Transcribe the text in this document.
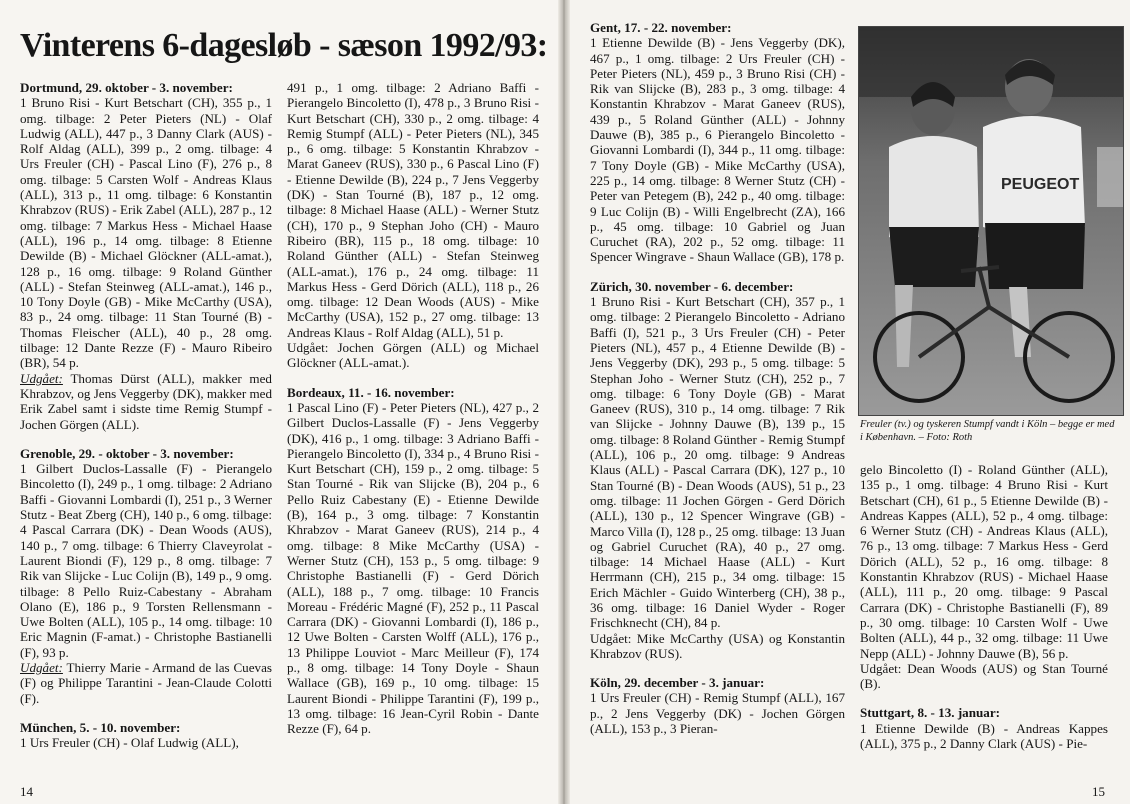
Vinterens 6-dagesløb - sæson 1992/93:
Dortmund, 29. oktober - 3. november:
1 Bruno Risi - Kurt Betschart (CH), 355 p., 1 omg. tilbage: 2 Peter Pieters (NL) - Olaf Ludwig (ALL), 447 p., 3 Danny Clark (AUS) - Rolf Aldag (ALL), 399 p., 2 omg. tilbage: 4 Urs Freuler (CH) - Pascal Lino (F), 276 p., 8 omg. tilbage: 5 Carsten Wolf - Andreas Klaus (ALL), 313 p., 11 omg. tilbage: 6 Konstantin Khrabzov (RUS) - Erik Zabel (ALL), 287 p., 12 omg. tilbage: 7 Markus Hess - Michael Haase (ALL), 196 p., 14 omg. tilbage: 8 Etienne Dewilde (B) - Michael Glöckner (ALL-amat.), 128 p., 16 omg. tilbage: 9 Roland Günther (ALL) - Stefan Steinweg (ALL-amat.), 146 p., 10 Tony Doyle (GB) - Mike McCarthy (USA), 83 p., 24 omg. tilbage: 11 Stan Tourné (B) - Thomas Fleischer (ALL), 40 p., 28 omg. tilbage: 12 Dante Rezze (F) - Mauro Ribeiro (BR), 54 p.
Udgået: Thomas Dürst (ALL), makker med Khrabzov, og Jens Veggerby (DK), makker med Erik Zabel samt i sidste time Remig Stumpf - Jochen Görgen (ALL).
Grenoble, 29. - oktober - 3. november:
1 Gilbert Duclos-Lassalle (F) - Pierangelo Bincoletto (I), 249 p., 1 omg. tilbage: 2 Adriano Baffi - Giovanni Lombardi (I), 251 p., 3 Werner Stutz - Beat Zberg (CH), 140 p., 6 omg. tilbage: 4 Pascal Carrara (DK) - Dean Woods (AUS), 140 p., 7 omg. tilbage: 6 Thierry Claveyrolat - Laurent Biondi (F), 129 p., 8 omg. tilbage: 7 Rik van Slijcke - Luc Colijn (B), 149 p., 9 omg. tilbage: 8 Pello Ruiz-Cabestany - Abraham Olano (E), 186 p., 9 Torsten Rellensmann - Uwe Bolten (ALL), 105 p., 14 omg. tilbage: 10 Eric Magnin (F-amat.) - Christophe Bastianelli (F), 93 p.
Udgået: Thierry Marie - Armand de las Cuevas (F) og Philippe Tarantini - Jean-Claude Colotti (F).
München, 5. - 10. november:
1 Urs Freuler (CH) - Olaf Ludwig (ALL),
491 p., 1 omg. tilbage: 2 Adriano Baffi - Pierangelo Bincoletto (I), 478 p., 3 Bruno Risi - Kurt Betschart (CH), 330 p., 2 omg. tilbage: 4 Remig Stumpf (ALL) - Peter Pieters (NL), 345 p., 6 omg. tilbage: 5 Konstantin Khrabzov - Marat Ganeev (RUS), 330 p., 6 Pascal Lino (F) - Etienne Dewilde (B), 224 p., 7 Jens Veggerby (DK) - Stan Tourné (B), 187 p., 12 omg. tilbage: 8 Michael Haase (ALL) - Werner Stutz (CH), 170 p., 9 Stephan Joho (CH) - Mauro Ribeiro (BR), 115 p., 18 omg. tilbage: 10 Roland Günther (ALL) - Stefan Steinweg (ALL-amat.), 176 p., 24 omg. tilbage: 11 Markus Hess - Gerd Dörich (ALL), 118 p., 26 omg. tilbage: 12 Dean Woods (AUS) - Mike McCarthy (USA), 152 p., 27 omg. tilbage: 13 Andreas Klaus - Rolf Aldag (ALL), 51 p.
Udgået: Jochen Görgen (ALL) og Michael Glöckner (ALL-amat.).
Bordeaux, 11. - 16. november:
1 Pascal Lino (F) - Peter Pieters (NL), 427 p., 2 Gilbert Duclos-Lassalle (F) - Jens Veggerby (DK), 416 p., 1 omg. tilbage: 3 Adriano Baffi - Pierangelo Bincoletto (I), 334 p., 4 Bruno Risi - Kurt Betschart (CH), 159 p., 2 omg. tilbage: 5 Stan Tourné - Rik van Slijcke (B), 204 p., 6 Pello Ruiz Cabestany (E) - Etienne Dewilde (B), 164 p., 3 omg. tilbage: 7 Konstantin Khrabzov - Marat Ganeev (RUS), 214 p., 4 omg. tilbage: 8 Mike McCarthy (USA) - Werner Stutz (CH), 153 p., 5 omg. tilbage: 9 Christophe Bastianelli (F) - Gerd Dörich (ALL), 188 p., 7 omg. tilbage: 10 Francis Moreau - Frédéric Magné (F), 252 p., 11 Pascal Carrara (DK) - Giovanni Lombardi (I), 186 p., 12 Uwe Bolten - Carsten Wolff (ALL), 176 p., 13 Philippe Louviot - Marc Meilleur (F), 174 p., 8 omg. tilbage: 14 Tony Doyle - Shaun Wallace (GB), 169 p., 10 omg. tilbage: 15 Laurent Biondi - Philippe Tarantini (F), 199 p., 13 omg. tilbage: 16 Jean-Cyril Robin - Dante Rezze (F), 64 p.
14
Gent, 17. - 22. november:
1 Etienne Dewilde (B) - Jens Veggerby (DK), 467 p., 1 omg. tilbage: 2 Urs Freuler (CH) - Peter Pieters (NL), 459 p., 3 Bruno Risi (CH) - Rik van Slijcke (B), 283 p., 3 omg. tilbage: 4 Konstantin Khrabzov - Marat Ganeev (RUS), 439 p., 5 Roland Günther (ALL) - Johnny Dauwe (B), 385 p., 6 Pierangelo Bincoletto - Giovanni Lombardi (I), 344 p., 11 omg. tilbage: 7 Tony Doyle (GB) - Mike McCarthy (USA), 225 p., 14 omg. tilbage: 8 Werner Stutz (CH) - Peter van Petegem (B), 242 p., 40 omg. tilbage: 9 Luc Colijn (B) - Willi Engelbrecht (ZA), 166 p., 45 omg. tilbage: 10 Gabriel og Juan Curuchet (RA), 202 p., 52 omg. tilbage: 11 Spencer Wingrave - Shaun Wallace (GB), 178 p.
Zürich, 30. november - 6. december:
1 Bruno Risi - Kurt Betschart (CH), 357 p., 1 omg. tilbage: 2 Pierangelo Bincoletto - Adriano Baffi (I), 521 p., 3 Urs Freuler (CH) - Peter Pieters (NL), 457 p., 4 Etienne Dewilde (B) - Jens Veggerby (DK), 293 p., 5 omg. tilbage: 5 Stephan Joho - Werner Stutz (CH), 252 p., 7 omg. tilbage: 6 Tony Doyle (GB) - Marat Ganeev (RUS), 310 p., 14 omg. tilbage: 7 Rik van Slijcke - Johnny Dauwe (B), 139 p., 15 omg. tilbage: 8 Roland Günther - Remig Stumpf (ALL), 106 p., 20 omg. tilbage: 9 Andreas Klaus (ALL) - Pascal Carrara (DK), 127 p., 10 Stan Tourné (B) - Dean Woods (AUS), 51 p., 23 omg. tilbage: 11 Jochen Görgen - Gerd Dörich (ALL), 130 p., 12 Spencer Wingrave (GB) - Marco Villa (I), 128 p., 25 omg. tilbage: 13 Juan og Gabriel Curuchet (RA), 40 p., 27 omg. tilbage: 14 Michael Haase (ALL) - Kurt Herrmann (CH), 215 p., 34 omg. tilbage: 15 Erich Mächler - Guido Winterberg (CH), 38 p., 36 omg. tilbage: 16 Daniel Wyder - Roger Frischknecht (CH), 84 p.
Udgået: Mike McCarthy (USA) og Konstantin Khrabzov (RUS).
Köln, 29. december - 3. januar:
1 Urs Freuler (CH) - Remig Stumpf (ALL), 167 p., 2 Jens Veggerby (DK) - Jochen Görgen (ALL), 153 p., 3 Pieran-
PEUGEOT
Freuler (tv.) og tyskeren Stumpf vandt i Köln – begge er med i København. – Foto: Roth
gelo Bincoletto (I) - Roland Günther (ALL), 135 p., 1 omg. tilbage: 4 Bruno Risi - Kurt Betschart (CH), 61 p., 5 Etienne Dewilde (B) - Andreas Kappes (ALL), 52 p., 4 omg. tilbage: 6 Werner Stutz (CH) - Andreas Klaus (ALL), 76 p., 13 omg. tilbage: 7 Markus Hess - Gerd Dörich (ALL), 52 p., 16 omg. tilbage: 8 Konstantin Khrabzov (RUS) - Michael Haase (ALL), 111 p., 20 omg. tilbage: 9 Pascal Carrara (DK) - Christophe Bastianelli (F), 89 p., 30 omg. tilbage: 10 Carsten Wolf - Uwe Bolten (ALL), 44 p., 32 omg. tilbage: 11 Uwe Nepp (ALL) - Johnny Dauwe (B), 56 p.
Udgået: Dean Woods (AUS) og Stan Tourné (B).
Stuttgart, 8. - 13. januar:
1 Etienne Dewilde (B) - Andreas Kappes (ALL), 375 p., 2 Danny Clark (AUS) - Pie-
15
